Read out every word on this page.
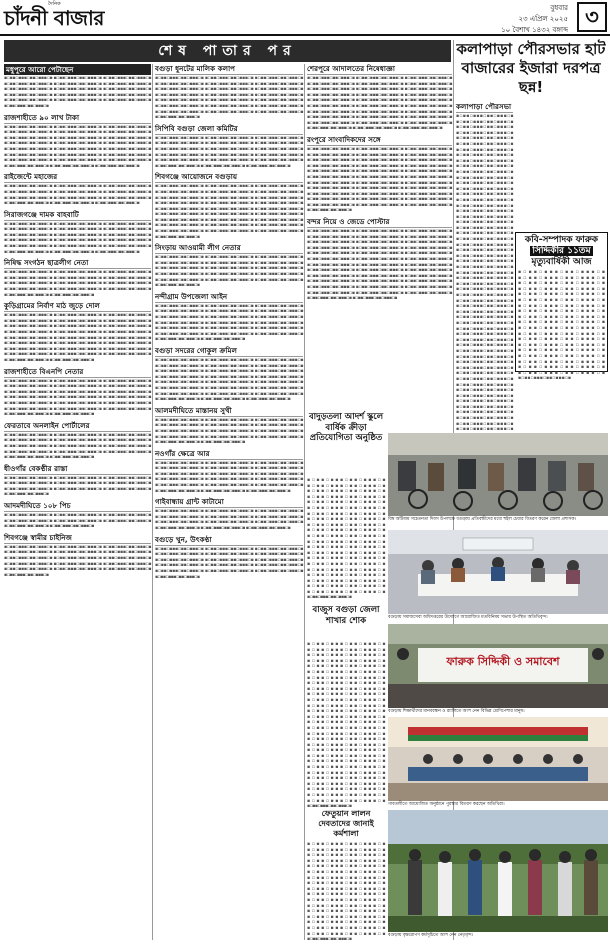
দৈনিক
চাঁদনী বাজার	বুধবার
২৩ এপ্রিল ২০২৫
১০ বৈশাখ ১৪৩২ বঙ্গাব্দ
৩
শেষ পাতার পর	কলাপাড়া পৌরসভার হাট বাজারের ইজারা দরপত্র ছন্ন!
মধুপুরে আরো পেটাছেন

▪▫▪▪▫▪▪▪▫▪▪▫▪▪▪▫▪ ▪▫▪▪▫▪▪▪▫▪▪▫▪▪▪▫▪ ▪▫▪▪▫▪▪▪▫▪▪▫▪▪▪▫▪ ▪▫▪▪▫▪▪▪▫▪▪▫▪▪▪▫▪ ▪▫▪▪▫▪▪▪▫▪▪▫▪▪▪▫▪ ▪▫▪▪▫▪▪▪▫▪▪▫▪▪▪▫▪ ▪▫▪▪▫▪▪▪▫▪▪▫▪▪▪▫▪ ▪▫▪▪▫▪▪▪▫▪▪▫▪▪▪▫▪ ▪▫▪▪▫▪▪▪▫▪▪▫▪▪▪▫▪ ▪▫▪▪▫▪▪▪▫▪▪▫▪▪▪▫▪ ▪▫▪▪▫▪▪▪▫▪▪▫▪▪▪▫▪ ▪▫▪▪▫▪▪▪▫▪▪▫▪▪▪▫▪ ▪▫▪▪▫▪▪▪▫▪▪▫▪▪▪▫▪ ▪▫▪▪▫▪▪▪▫▪▪▫▪▪▪▫▪ ▪▫▪▪▫▪▪▪▫▪▪▫▪▪▪▫▪ ▪▫▪▪▫▪▪▪▫▪▪▫▪▪▪▫▪

রাজশাহীতে ৯০ লাখ টাকা

▪▫▪▪▫▪▪▪▫▪▪▫▪▪▪▫▪ ▪▫▪▪▫▪▪▪▫▪▪▫▪▪▪▫▪ ▪▫▪▪▫▪▪▪▫▪▪▫▪▪▪▫▪ ▪▫▪▪▫▪▪▪▫▪▪▫▪▪▪▫▪ ▪▫▪▪▫▪▪▪▫▪▪▫▪▪▪▫▪ ▪▫▪▪▫▪▪▪▫▪▪▫▪▪▪▫▪ ▪▫▪▪▫▪▪▪▫▪▪▫▪▪▪▫▪ ▪▫▪▪▫▪▪▪▫▪▪▫▪▪▪▫▪ ▪▫▪▪▫▪▪▪▫▪▪▫▪▪▪▫▪ ▪▫▪▪▫▪▪▪▫▪▪▫▪▪▪▫▪ ▪▫▪▪▫▪▪▪▫▪▪▫▪▪▪▫▪ ▪▫▪▪▫▪▪▪▫▪▪▫▪▪▪▫▪ ▪▫▪▪▫▪▪▪▫▪▪▫▪▪▪▫▪ ▪▫▪▪▫▪▪▪▫▪▪▫▪▪▪▫▪ ▪▫▪▪▫▪▪▪▫▪▪▫▪▪▪▫▪ ▪▫▪▪▫▪▪▪▫▪▪▫▪▪▪▫▪ ▪▫▪▪▫▪▪▪▫▪▪▫▪▪▪▫▪ ▪▫▪▪▫▪▪▪▫▪▪▫▪▪▪▫▪ ▪▫▪▪▫▪▪▪▫▪▪▫▪▪▪▫▪ ▪▫▪▪▫▪▪▪▫▪▪▫▪▪▪▫▪ ▪▫▪▪▫▪▪▪▫▪▪▫▪▪▪▫▪ ▪▫▪▪▫▪▪▪▫▪▪▫▪▪▪▫▪ ▪▫▪▪▫▪▪▪▫▪▪▫▪▪▪▫▪ ▪▫▪▪▫▪▪▪▫▪▪▫▪▪▪▫▪

রাইজেন্টে মহাজের

▪▫▪▪▫▪▪▪▫▪▪▫▪▪▪▫▪ ▪▫▪▪▫▪▪▪▫▪▪▫▪▪▪▫▪ ▪▫▪▪▫▪▪▪▫▪▪▫▪▪▪▫▪ ▪▫▪▪▫▪▪▪▫▪▪▫▪▪▪▫▪ ▪▫▪▪▫▪▪▪▫▪▪▫▪▪▪▫▪ ▪▫▪▪▫▪▪▪▫▪▪▫▪▪▪▫▪ ▪▫▪▪▫▪▪▪▫▪▪▫▪▪▪▫▪ ▪▫▪▪▫▪▪▪▫▪▪▫▪▪▪▫▪ ▪▫▪▪▫▪▪▪▫▪▪▫▪▪▪▫▪ ▪▫▪▪▫▪▪▪▫▪▪▫▪▪▪▫▪ ▪▫▪▪▫▪▪▪▫▪▪▫▪▪▪▫▪ ▪▫▪▪▫▪▪▪▫▪▪▫▪▪▪▫▪

সিরাজগঞ্জে দামক বাহবাটি

▪▫▪▪▫▪▪▪▫▪▪▫▪▪▪▫▪ ▪▫▪▪▫▪▪▪▫▪▪▫▪▪▪▫▪ ▪▫▪▪▫▪▪▪▫▪▪▫▪▪▪▫▪ ▪▫▪▪▫▪▪▪▫▪▪▫▪▪▪▫▪ ▪▫▪▪▫▪▪▪▫▪▪▫▪▪▪▫▪ ▪▫▪▪▫▪▪▪▫▪▪▫▪▪▪▫▪ ▪▫▪▪▫▪▪▪▫▪▪▫▪▪▪▫▪ ▪▫▪▪▫▪▪▪▫▪▪▫▪▪▪▫▪ ▪▫▪▪▫▪▪▪▫▪▪▫▪▪▪▫▪ ▪▫▪▪▫▪▪▪▫▪▪▫▪▪▪▫▪ ▪▫▪▪▫▪▪▪▫▪▪▫▪▪▪▫▪ ▪▫▪▪▫▪▪▪▫▪▪▫▪▪▪▫▪ ▪▫▪▪▫▪▪▪▫▪▪▫▪▪▪▫▪ ▪▫▪▪▫▪▪▪▫▪▪▫▪▪▪▫▪ ▪▫▪▪▫▪▪▪▫▪▪▫▪▪▪▫▪ ▪▫▪▪▫▪▪▪▫▪▪▫▪▪▪▫▪ ▪▫▪▪▫▪▪▪▫▪▪▫▪▪▪▫▪ ▪▫▪▪▫▪▪▪▫▪▪▫▪▪▪▫▪

নিষিদ্ধ সংগঠন ছাত্রলীগ নেতা

▪▫▪▪▫▪▪▪▫▪▪▫▪▪▪▫▪ ▪▫▪▪▫▪▪▪▫▪▪▫▪▪▪▫▪ ▪▫▪▪▫▪▪▪▫▪▪▫▪▪▪▫▪ ▪▫▪▪▫▪▪▪▫▪▪▫▪▪▪▫▪ ▪▫▪▪▫▪▪▪▫▪▪▫▪▪▪▫▪ ▪▫▪▪▫▪▪▪▫▪▪▫▪▪▪▫▪ ▪▫▪▪▫▪▪▪▫▪▪▫▪▪▪▫▪ ▪▫▪▪▫▪▪▪▫▪▪▫▪▪▪▫▪ ▪▫▪▪▫▪▪▪▫▪▪▫▪▪▪▫▪ ▪▫▪▪▫▪▪▪▫▪▪▫▪▪▪▫▪ ▪▫▪▪▫▪▪▪▫▪▪▫▪▪▪▫▪ ▪▫▪▪▫▪▪▪▫▪▪▫▪▪▪▫▪ ▪▫▪▪▫▪▪▪▫▪▪▫▪▪▪▫▪ ▪▫▪▪▫▪▪▪▫▪▪▫▪▪▪▫▪

কুড়িগ্রামের নির্বাণ মাঠ জুড়ে দোল

▪▫▪▪▫▪▪▪▫▪▪▫▪▪▪▫▪ ▪▫▪▪▫▪▪▪▫▪▪▫▪▪▪▫▪ ▪▫▪▪▫▪▪▪▫▪▪▫▪▪▪▫▪ ▪▫▪▪▫▪▪▪▫▪▪▫▪▪▪▫▪ ▪▫▪▪▫▪▪▪▫▪▪▫▪▪▪▫▪ ▪▫▪▪▫▪▪▪▫▪▪▫▪▪▪▫▪ ▪▫▪▪▫▪▪▪▫▪▪▫▪▪▪▫▪ ▪▫▪▪▫▪▪▪▫▪▪▫▪▪▪▫▪ ▪▫▪▪▫▪▪▪▫▪▪▫▪▪▪▫▪ ▪▫▪▪▫▪▪▪▫▪▪▫▪▪▪▫▪ ▪▫▪▪▫▪▪▪▫▪▪▫▪▪▪▫▪ ▪▫▪▪▫▪▪▪▫▪▪▫▪▪▪▫▪ ▪▫▪▪▫▪▪▪▫▪▪▫▪▪▪▫▪ ▪▫▪▪▫▪▪▪▫▪▪▫▪▪▪▫▪ ▪▫▪▪▫▪▪▪▫▪▪▫▪▪▪▫▪ ▪▫▪▪▫▪▪▪▫▪▪▫▪▪▪▫▪ ▪▫▪▪▫▪▪▪▫▪▪▫▪▪▪▫▪ ▪▫▪▪▫▪▪▪▫▪▪▫▪▪▪▫▪ ▪▫▪▪▫▪▪▪▫▪▪▫▪▪▪▫▪ ▪▫▪▪▫▪▪▪▫▪▪▫▪▪▪▫▪ ▪▫▪▪▫▪▪▪▫▪▪▫▪▪▪▫▪ ▪▫▪▪▫▪▪▪▫▪▪▫▪▪▪▫▪ ▪▫▪▪▫▪▪▪▫▪▪▫▪▪▪▫▪ ▪▫▪▪▫▪▪▪▫▪▪▫▪▪▪▫▪ ▪▫▪▪▫▪▪▪▫▪▪▫▪▪▪▫▪ ▪▫▪▪▫▪▪▪▫▪▪▫▪▪▪▫▪

রাজশাহীতে বিএনপি নেতার

▪▫▪▪▫▪▪▪▫▪▪▫▪▪▪▫▪ ▪▫▪▪▫▪▪▪▫▪▪▫▪▪▪▫▪ ▪▫▪▪▫▪▪▪▫▪▪▫▪▪▪▫▪ ▪▫▪▪▫▪▪▪▫▪▪▫▪▪▪▫▪ ▪▫▪▪▫▪▪▪▫▪▪▫▪▪▪▫▪ ▪▫▪▪▫▪▪▪▫▪▪▫▪▪▪▫▪ ▪▫▪▪▫▪▪▪▫▪▪▫▪▪▪▫▪ ▪▫▪▪▫▪▪▪▫▪▪▫▪▪▪▫▪ ▪▫▪▪▫▪▪▪▫▪▪▫▪▪▪▫▪ ▪▫▪▪▫▪▪▪▫▪▪▫▪▪▪▫▪ ▪▫▪▪▫▪▪▪▫▪▪▫▪▪▪▫▪ ▪▫▪▪▫▪▪▪▫▪▪▫▪▪▪▫▪ ▪▫▪▪▫▪▪▪▫▪▪▫▪▪▪▫▪ ▪▫▪▪▫▪▪▪▫▪▪▫▪▪▪▫▪ ▪▫▪▪▫▪▪▪▫▪▪▫▪▪▪▫▪ ▪▫▪▪▫▪▪▪▫▪▪▫▪▪▪▫▪ ▪▫▪▪▫▪▪▪▫▪▪▫▪▪▪▫▪ ▪▫▪▪▫▪▪▪▫▪▪▫▪▪▪▫▪ ▪▫▪▪▫▪▪▪▫▪▪▫▪▪▪▫▪ ▪▫▪▪▫▪▪▪▫▪▪▫▪▪▪▫▪

ফেরতাবে অনলাইন পোর্টালের

▪▫▪▪▫▪▪▪▫▪▪▫▪▪▪▫▪ ▪▫▪▪▫▪▪▪▫▪▪▫▪▪▪▫▪ ▪▫▪▪▫▪▪▪▫▪▪▫▪▪▪▫▪ ▪▫▪▪▫▪▪▪▫▪▪▫▪▪▪▫▪ ▪▫▪▪▫▪▪▪▫▪▪▫▪▪▪▫▪ ▪▫▪▪▫▪▪▪▫▪▪▫▪▪▪▫▪ ▪▫▪▪▫▪▪▪▫▪▪▫▪▪▪▫▪ ▪▫▪▪▫▪▪▪▫▪▪▫▪▪▪▫▪ ▪▫▪▪▫▪▪▪▫▪▪▫▪▪▪▫▪ ▪▫▪▪▫▪▪▪▫▪▪▫▪▪▪▫▪ ▪▫▪▪▫▪▪▪▫▪▪▫▪▪▪▫▪ ▪▫▪▪▫▪▪▪▫▪▪▫▪▪▪▫▪ ▪▫▪▪▫▪▪▪▫▪▪▫▪▪▪▫▪ ▪▫▪▪▫▪▪▪▫▪▪▫▪▪▪▫▪

ধীওগাঁর বেকণ্ঠীর রাস্তা

▪▫▪▪▫▪▪▪▫▪▪▫▪▪▪▫▪ ▪▫▪▪▫▪▪▪▫▪▪▫▪▪▪▫▪ ▪▫▪▪▫▪▪▪▫▪▪▫▪▪▪▫▪ ▪▫▪▪▫▪▪▪▫▪▪▫▪▪▪▫▪ ▪▫▪▪▫▪▪▪▫▪▪▫▪▪▪▫▪ ▪▫▪▪▫▪▪▪▫▪▪▫▪▪▪▫▪ ▪▫▪▪▫▪▪▪▫▪▪▫▪▪▪▫▪ ▪▫▪▪▫▪▪▪▫▪▪▫▪▪▪▫▪ ▪▫▪▪▫▪▪▪▫▪▪▫▪▪▪▫▪ ▪▫▪▪▫▪▪▪▫▪▪▫▪▪▪▫▪

আদমদীঘিতে ১০৮ পিচ

▪▫▪▪▫▪▪▪▫▪▪▫▪▪▪▫▪ ▪▫▪▪▫▪▪▪▫▪▪▫▪▪▪▫▪ ▪▫▪▪▫▪▪▪▫▪▪▫▪▪▪▫▪ ▪▫▪▪▫▪▪▪▫▪▪▫▪▪▪▫▪ ▪▫▪▪▫▪▪▪▫▪▪▫▪▪▪▫▪ ▪▫▪▪▫▪▪▪▫▪▪▫▪▪▪▫▪ ▪▫▪▪▫▪▪▪▫▪▪▫▪▪▪▫▪ ▪▫▪▪▫▪▪▪▫▪▪▫▪▪▪▫▪

শিবগঞ্জে স্বামীর চাইনিজ

▪▫▪▪▫▪▪▪▫▪▪▫▪▪▪▫▪ ▪▫▪▪▫▪▪▪▫▪▪▫▪▪▪▫▪ ▪▫▪▪▫▪▪▪▫▪▪▫▪▪▪▫▪ ▪▫▪▪▫▪▪▪▫▪▪▫▪▪▪▫▪ ▪▫▪▪▫▪▪▪▫▪▪▫▪▪▪▫▪ ▪▫▪▪▫▪▪▪▫▪▪▫▪▪▪▫▪ ▪▫▪▪▫▪▪▪▫▪▪▫▪▪▪▫▪ ▪▫▪▪▫▪▪▪▫▪▪▫▪▪▪▫▪ ▪▫▪▪▫▪▪▪▫▪▪▫▪▪▪▫▪ ▪▫▪▪▫▪▪▪▫▪▪▫▪▪▪▫▪ ▪▫▪▪▫▪▪▪▫▪▪▫▪▪▪▫▪ ▪▫▪▪▫▪▪▪▫▪▪▫▪▪▪▫▪ ▪▫▪▪▫▪▪▪▫▪▪▫▪▪▪▫▪ ▪▫▪▪▫▪▪▪▫▪▪▫▪▪▪▫▪ ▪▫▪▪▫▪▪▪▫▪▪▫▪▪▪▫▪ ▪▫▪▪▫▪▪▪▫▪▪▫▪▪▪▫▪

বগুড়া ধুনটের মালিক কলাপ

▪▫▪▪▫▪▪▪▫▪▪▫▪▪▪▫▪ ▪▫▪▪▫▪▪▪▫▪▪▫▪▪▪▫▪ ▪▫▪▪▫▪▪▪▫▪▪▫▪▪▪▫▪ ▪▫▪▪▫▪▪▪▫▪▪▫▪▪▪▫▪ ▪▫▪▪▫▪▪▪▫▪▪▫▪▪▪▫▪ ▪▫▪▪▫▪▪▪▫▪▪▫▪▪▪▫▪ ▪▫▪▪▫▪▪▪▫▪▪▫▪▪▪▫▪ ▪▫▪▪▫▪▪▪▫▪▪▫▪▪▪▫▪ ▪▫▪▪▫▪▪▪▫▪▪▫▪▪▪▫▪ ▪▫▪▪▫▪▪▪▫▪▪▫▪▪▪▫▪ ▪▫▪▪▫▪▪▪▫▪▪▫▪▪▪▫▪ ▪▫▪▪▫▪▪▪▫▪▪▫▪▪▪▫▪ ▪▫▪▪▫▪▪▪▫▪▪▫▪▪▪▫▪ ▪▫▪▪▫▪▪▪▫▪▪▫▪▪▪▫▪ ▪▫▪▪▫▪▪▪▫▪▪▫▪▪▪▫▪ ▪▫▪▪▫▪▪▪▫▪▪▫▪▪▪▫▪ ▪▫▪▪▫▪▪▪▫▪▪▫▪▪▪▫▪ ▪▫▪▪▫▪▪▪▫▪▪▫▪▪▪▫▪ ▪▫▪▪▫▪▪▪▫▪▪▫▪▪▪▫▪ ▪▫▪▪▫▪▪▪▫▪▪▫▪▪▪▫▪ ▪▫▪▪▫▪▪▪▫▪▪▫▪▪▪▫▪ ▪▫▪▪▫▪▪▪▫▪▪▫▪▪▪▫▪

সিপিবি বগুড়া জেলা কমিটির

▪▫▪▪▫▪▪▪▫▪▪▫▪▪▪▫▪ ▪▫▪▪▫▪▪▪▫▪▪▫▪▪▪▫▪ ▪▫▪▪▫▪▪▪▫▪▪▫▪▪▪▫▪ ▪▫▪▪▫▪▪▪▫▪▪▫▪▪▪▫▪ ▪▫▪▪▫▪▪▪▫▪▪▫▪▪▪▫▪ ▪▫▪▪▫▪▪▪▫▪▪▫▪▪▪▫▪ ▪▫▪▪▫▪▪▪▫▪▪▫▪▪▪▫▪ ▪▫▪▪▫▪▪▪▫▪▪▫▪▪▪▫▪ ▪▫▪▪▫▪▪▪▫▪▪▫▪▪▪▫▪ ▪▫▪▪▫▪▪▪▫▪▪▫▪▪▪▫▪ ▪▫▪▪▫▪▪▪▫▪▪▫▪▪▪▫▪ ▪▫▪▪▫▪▪▪▫▪▪▫▪▪▪▫▪ ▪▫▪▪▫▪▪▪▫▪▪▫▪▪▪▫▪ ▪▫▪▪▫▪▪▪▫▪▪▫▪▪▪▫▪ ▪▫▪▪▫▪▪▪▫▪▪▫▪▪▪▫▪ ▪▫▪▪▫▪▪▪▫▪▪▫▪▪▪▫▪ ▪▫▪▪▫▪▪▪▫▪▪▫▪▪▪▫▪ ▪▫▪▪▫▪▪▪▫▪▪▫▪▪▪▫▪

শিবগঞ্জে আয়োজনে বগুড়ায়

▪▫▪▪▫▪▪▪▫▪▪▫▪▪▪▫▪ ▪▫▪▪▫▪▪▪▫▪▪▫▪▪▪▫▪ ▪▫▪▪▫▪▪▪▫▪▪▫▪▪▪▫▪ ▪▫▪▪▫▪▪▪▫▪▪▫▪▪▪▫▪ ▪▫▪▪▫▪▪▪▫▪▪▫▪▪▪▫▪ ▪▫▪▪▫▪▪▪▫▪▪▫▪▪▪▫▪ ▪▫▪▪▫▪▪▪▫▪▪▫▪▪▪▫▪ ▪▫▪▪▫▪▪▪▫▪▪▫▪▪▪▫▪ ▪▫▪▪▫▪▪▪▫▪▪▫▪▪▪▫▪ ▪▫▪▪▫▪▪▪▫▪▪▫▪▪▪▫▪ ▪▫▪▪▫▪▪▪▫▪▪▫▪▪▪▫▪ ▪▫▪▪▫▪▪▪▫▪▪▫▪▪▪▫▪ ▪▫▪▪▫▪▪▪▫▪▪▫▪▪▪▫▪ ▪▫▪▪▫▪▪▪▫▪▪▫▪▪▪▫▪ ▪▫▪▪▫▪▪▪▫▪▪▫▪▪▪▫▪ ▪▫▪▪▫▪▪▪▫▪▪▫▪▪▪▫▪ ▪▫▪▪▫▪▪▪▫▪▪▫▪▪▪▫▪ ▪▫▪▪▫▪▪▪▫▪▪▫▪▪▪▫▪ ▪▫▪▪▫▪▪▪▫▪▪▫▪▪▪▫▪ ▪▫▪▪▫▪▪▪▫▪▪▫▪▪▪▫▪ ▪▫▪▪▫▪▪▪▫▪▪▫▪▪▪▫▪ ▪▫▪▪▫▪▪▪▫▪▪▫▪▪▪▫▪ ▪▫▪▪▫▪▪▪▫▪▪▫▪▪▪▫▪ ▪▫▪▪▫▪▪▪▫▪▪▫▪▪▪▫▪ ▪▫▪▪▫▪▪▪▫▪▪▫▪▪▪▫▪ ▪▫▪▪▫▪▪▪▫▪▪▫▪▪▪▫▪ ▪▫▪▪▫▪▪▪▫▪▪▫▪▪▪▫▪ ▪▫▪▪▫▪▪▪▫▪▪▫▪▪▪▫▪

সিংড়ায় আওয়ামী লীগ নেতার

▪▫▪▪▫▪▪▪▫▪▪▫▪▪▪▫▪ ▪▫▪▪▫▪▪▪▫▪▪▫▪▪▪▫▪ ▪▫▪▪▫▪▪▪▫▪▪▫▪▪▪▫▪ ▪▫▪▪▫▪▪▪▫▪▪▫▪▪▪▫▪ ▪▫▪▪▫▪▪▪▫▪▪▫▪▪▪▫▪ ▪▫▪▪▫▪▪▪▫▪▪▫▪▪▪▫▪ ▪▫▪▪▫▪▪▪▫▪▪▫▪▪▪▫▪ ▪▫▪▪▫▪▪▪▫▪▪▫▪▪▪▫▪ ▪▫▪▪▫▪▪▪▫▪▪▫▪▪▪▫▪ ▪▫▪▪▫▪▪▪▫▪▪▫▪▪▪▫▪ ▪▫▪▪▫▪▪▪▫▪▪▫▪▪▪▫▪ ▪▫▪▪▫▪▪▪▫▪▪▫▪▪▪▫▪ ▪▫▪▪▫▪▪▪▫▪▪▫▪▪▪▫▪ ▪▫▪▪▫▪▪▪▫▪▪▫▪▪▪▫▪ ▪▫▪▪▫▪▪▪▫▪▪▫▪▪▪▫▪ ▪▫▪▪▫▪▪▪▫▪▪▫▪▪▪▫▪

নন্দীগ্রাম উপজেলা আইন

▪▫▪▪▫▪▪▪▫▪▪▫▪▪▪▫▪ ▪▫▪▪▫▪▪▪▫▪▪▫▪▪▪▫▪ ▪▫▪▪▫▪▪▪▫▪▪▫▪▪▪▫▪ ▪▫▪▪▫▪▪▪▫▪▪▫▪▪▪▫▪ ▪▫▪▪▫▪▪▪▫▪▪▫▪▪▪▫▪ ▪▫▪▪▫▪▪▪▫▪▪▫▪▪▪▫▪ ▪▫▪▪▫▪▪▪▫▪▪▫▪▪▪▫▪ ▪▫▪▪▫▪▪▪▫▪▪▫▪▪▪▫▪ ▪▫▪▪▫▪▪▪▫▪▪▫▪▪▪▫▪ ▪▫▪▪▫▪▪▪▫▪▪▫▪▪▪▫▪ ▪▫▪▪▫▪▪▪▫▪▪▫▪▪▪▫▪ ▪▫▪▪▫▪▪▪▫▪▪▫▪▪▪▫▪ ▪▫▪▪▫▪▪▪▫▪▪▫▪▪▪▫▪ ▪▫▪▪▫▪▪▪▫▪▪▫▪▪▪▫▪ ▪▫▪▪▫▪▪▪▫▪▪▫▪▪▪▫▪ ▪▫▪▪▫▪▪▪▫▪▪▫▪▪▪▫▪ ▪▫▪▪▫▪▪▪▫▪▪▫▪▪▪▫▪ ▪▫▪▪▫▪▪▪▫▪▪▫▪▪▪▫▪ ▪▫▪▪▫▪▪▪▫▪▪▫▪▪▪▫▪ ▪▫▪▪▫▪▪▪▫▪▪▫▪▪▪▫▪

বগুড়া সদরের গোকুল ক্রমিল

▪▫▪▪▫▪▪▪▫▪▪▫▪▪▪▫▪ ▪▫▪▪▫▪▪▪▫▪▪▫▪▪▪▫▪ ▪▫▪▪▫▪▪▪▫▪▪▫▪▪▪▫▪ ▪▫▪▪▫▪▪▪▫▪▪▫▪▪▪▫▪ ▪▫▪▪▫▪▪▪▫▪▪▫▪▪▪▫▪ ▪▫▪▪▫▪▪▪▫▪▪▫▪▪▪▫▪ ▪▫▪▪▫▪▪▪▫▪▪▫▪▪▪▫▪ ▪▫▪▪▫▪▪▪▫▪▪▫▪▪▪▫▪ ▪▫▪▪▫▪▪▪▫▪▪▫▪▪▪▫▪ ▪▫▪▪▫▪▪▪▫▪▪▫▪▪▪▫▪ ▪▫▪▪▫▪▪▪▫▪▪▫▪▪▪▫▪ ▪▫▪▪▫▪▪▪▫▪▪▫▪▪▪▫▪ ▪▫▪▪▫▪▪▪▫▪▪▫▪▪▪▫▪ ▪▫▪▪▫▪▪▪▫▪▪▫▪▪▪▫▪ ▪▫▪▪▫▪▪▪▫▪▪▫▪▪▪▫▪ ▪▫▪▪▫▪▪▪▫▪▪▫▪▪▪▫▪ ▪▫▪▪▫▪▪▪▫▪▪▫▪▪▪▫▪ ▪▫▪▪▫▪▪▪▫▪▪▫▪▪▪▫▪ ▪▫▪▪▫▪▪▪▫▪▪▫▪▪▪▫▪ ▪▫▪▪▫▪▪▪▫▪▪▫▪▪▪▫▪ ▪▫▪▪▫▪▪▪▫▪▪▫▪▪▪▫▪ ▪▫▪▪▫▪▪▪▫▪▪▫▪▪▪▫▪ ▪▫▪▪▫▪▪▪▫▪▪▫▪▪▪▫▪ ▪▫▪▪▫▪▪▪▫▪▪▫▪▪▪▫▪

আলমদীঘিতে মাস্তানয় সুখী

▪▫▪▪▫▪▪▪▫▪▪▫▪▪▪▫▪ ▪▫▪▪▫▪▪▪▫▪▪▫▪▪▪▫▪ ▪▫▪▪▫▪▪▪▫▪▪▫▪▪▪▫▪ ▪▫▪▪▫▪▪▪▫▪▪▫▪▪▪▫▪ ▪▫▪▪▫▪▪▪▫▪▪▫▪▪▪▫▪ ▪▫▪▪▫▪▪▪▫▪▪▫▪▪▪▫▪ ▪▫▪▪▫▪▪▪▫▪▪▫▪▪▪▫▪ ▪▫▪▪▫▪▪▪▫▪▪▫▪▪▪▫▪ ▪▫▪▪▫▪▪▪▫▪▪▫▪▪▪▫▪ ▪▫▪▪▫▪▪▪▫▪▪▫▪▪▪▫▪ ▪▫▪▪▫▪▪▪▫▪▪▫▪▪▪▫▪ ▪▫▪▪▫▪▪▪▫▪▪▫▪▪▪▫▪ ▪▫▪▪▫▪▪▪▫▪▪▫▪▪▪▫▪ ▪▫▪▪▫▪▪▪▫▪▪▫▪▪▪▫▪

নওগাঁর ক্ষেত্রে আর

▪▫▪▪▫▪▪▪▫▪▪▫▪▪▪▫▪ ▪▫▪▪▫▪▪▪▫▪▪▫▪▪▪▫▪ ▪▫▪▪▫▪▪▪▫▪▪▫▪▪▪▫▪ ▪▫▪▪▫▪▪▪▫▪▪▫▪▪▪▫▪ ▪▫▪▪▫▪▪▪▫▪▪▫▪▪▪▫▪ ▪▫▪▪▫▪▪▪▫▪▪▫▪▪▪▫▪ ▪▫▪▪▫▪▪▪▫▪▪▫▪▪▪▫▪ ▪▫▪▪▫▪▪▪▫▪▪▫▪▪▪▫▪ ▪▫▪▪▫▪▪▪▫▪▪▫▪▪▪▫▪ ▪▫▪▪▫▪▪▪▫▪▪▫▪▪▪▫▪ ▪▫▪▪▫▪▪▪▫▪▪▫▪▪▪▫▪ ▪▫▪▪▫▪▪▪▫▪▪▫▪▪▪▫▪ ▪▫▪▪▫▪▪▪▫▪▪▫▪▪▪▫▪ ▪▫▪▪▫▪▪▪▫▪▪▫▪▪▪▫▪ ▪▫▪▪▫▪▪▪▫▪▪▫▪▪▪▫▪ ▪▫▪▪▫▪▪▪▫▪▪▫▪▪▪▫▪ ▪▫▪▪▫▪▪▪▫▪▪▫▪▪▪▫▪ ▪▫▪▪▫▪▪▪▫▪▪▫▪▪▪▫▪

গাইবান্ধায় গ্রান্ট কাটামো

▪▫▪▪▫▪▪▪▫▪▪▫▪▪▪▫▪ ▪▫▪▪▫▪▪▪▫▪▪▫▪▪▪▫▪ ▪▫▪▪▫▪▪▪▫▪▪▫▪▪▪▫▪ ▪▫▪▪▫▪▪▪▫▪▪▫▪▪▪▫▪ ▪▫▪▪▫▪▪▪▫▪▪▫▪▪▪▫▪ ▪▫▪▪▫▪▪▪▫▪▪▫▪▪▪▫▪ ▪▫▪▪▫▪▪▪▫▪▪▫▪▪▪▫▪ ▪▫▪▪▫▪▪▪▫▪▪▫▪▪▪▫▪ ▪▫▪▪▫▪▪▪▫▪▪▫▪▪▪▫▪ ▪▫▪▪▫▪▪▪▫▪▪▫▪▪▪▫▪ ▪▫▪▪▫▪▪▪▫▪▪▫▪▪▪▫▪ ▪▫▪▪▫▪▪▪▫▪▪▫▪▪▪▫▪

বগুড়ে খুন, উৎকণ্ঠা

▪▫▪▪▫▪▪▪▫▪▪▫▪▪▪▫▪ ▪▫▪▪▫▪▪▪▫▪▪▫▪▪▪▫▪ ▪▫▪▪▫▪▪▪▫▪▪▫▪▪▪▫▪ ▪▫▪▪▫▪▪▪▫▪▪▫▪▪▪▫▪ ▪▫▪▪▫▪▪▪▫▪▪▫▪▪▪▫▪ ▪▫▪▪▫▪▪▪▫▪▪▫▪▪▪▫▪ ▪▫▪▪▫▪▪▪▫▪▪▫▪▪▪▫▪ ▪▫▪▪▫▪▪▪▫▪▪▫▪▪▪▫▪ ▪▫▪▪▫▪▪▪▫▪▪▫▪▪▪▫▪ ▪▫▪▪▫▪▪▪▫▪▪▫▪▪▪▫▪ ▪▫▪▪▫▪▪▪▫▪▪▫▪▪▪▫▪ ▪▫▪▪▫▪▪▪▫▪▪▫▪▪▪▫▪ ▪▫▪▪▫▪▪▪▫▪▪▫▪▪▪▫▪ ▪▫▪▪▫▪▪▪▫▪▪▫▪▪▪▫▪ ▪▫▪▪▫▪▪▪▫▪▪▫▪▪▪▫▪ ▪▫▪▪▫▪▪▪▫▪▪▫▪▪▪▫▪

শেরপুরে আদালতের নিষেধাজ্ঞা

▪▫▪▪▫▪▪▪▫▪▪▫▪▪▪▫▪ ▪▫▪▪▫▪▪▪▫▪▪▫▪▪▪▫▪ ▪▫▪▪▫▪▪▪▫▪▪▫▪▪▪▫▪ ▪▫▪▪▫▪▪▪▫▪▪▫▪▪▪▫▪ ▪▫▪▪▫▪▪▪▫▪▪▫▪▪▪▫▪ ▪▫▪▪▫▪▪▪▫▪▪▫▪▪▪▫▪ ▪▫▪▪▫▪▪▪▫▪▪▫▪▪▪▫▪ ▪▫▪▪▫▪▪▪▫▪▪▫▪▪▪▫▪ ▪▫▪▪▫▪▪▪▫▪▪▫▪▪▪▫▪ ▪▫▪▪▫▪▪▪▫▪▪▫▪▪▪▫▪ ▪▫▪▪▫▪▪▪▫▪▪▫▪▪▪▫▪ ▪▫▪▪▫▪▪▪▫▪▪▫▪▪▪▫▪ ▪▫▪▪▫▪▪▪▫▪▪▫▪▪▪▫▪ ▪▫▪▪▫▪▪▪▫▪▪▫▪▪▪▫▪ ▪▫▪▪▫▪▪▪▫▪▪▫▪▪▪▫▪ ▪▫▪▪▫▪▪▪▫▪▪▫▪▪▪▫▪ ▪▫▪▪▫▪▪▪▫▪▪▫▪▪▪▫▪ ▪▫▪▪▫▪▪▪▫▪▪▫▪▪▪▫▪ ▪▫▪▪▫▪▪▪▫▪▪▫▪▪▪▫▪ ▪▫▪▪▫▪▪▪▫▪▪▫▪▪▪▫▪ ▪▫▪▪▫▪▪▪▫▪▪▫▪▪▪▫▪ ▪▫▪▪▫▪▪▪▫▪▪▫▪▪▪▫▪ ▪▫▪▪▫▪▪▪▫▪▪▫▪▪▪▫▪ ▪▫▪▪▫▪▪▪▫▪▪▫▪▪▪▫▪ ▪▫▪▪▫▪▪▪▫▪▪▫▪▪▪▫▪ ▪▫▪▪▫▪▪▪▫▪▪▫▪▪▪▫▪ ▪▫▪▪▫▪▪▪▫▪▪▫▪▪▪▫▪ ▪▫▪▪▫▪▪▪▫▪▪▫▪▪▪▫▪ ▪▫▪▪▫▪▪▪▫▪▪▫▪▪▪▫▪ ▪▫▪▪▫▪▪▪▫▪▪▫▪▪▪▫▪

রংপুরে সাংবাদিকদের সঙ্গে

▪▫▪▪▫▪▪▪▫▪▪▫▪▪▪▫▪ ▪▫▪▪▫▪▪▪▫▪▪▫▪▪▪▫▪ ▪▫▪▪▫▪▪▪▫▪▪▫▪▪▪▫▪ ▪▫▪▪▫▪▪▪▫▪▪▫▪▪▪▫▪ ▪▫▪▪▫▪▪▪▫▪▪▫▪▪▪▫▪ ▪▫▪▪▫▪▪▪▫▪▪▫▪▪▪▫▪ ▪▫▪▪▫▪▪▪▫▪▪▫▪▪▪▫▪ ▪▫▪▪▫▪▪▪▫▪▪▫▪▪▪▫▪ ▪▫▪▪▫▪▪▪▫▪▪▫▪▪▪▫▪ ▪▫▪▪▫▪▪▪▫▪▪▫▪▪▪▫▪ ▪▫▪▪▫▪▪▪▫▪▪▫▪▪▪▫▪ ▪▫▪▪▫▪▪▪▫▪▪▫▪▪▪▫▪ ▪▫▪▪▫▪▪▪▫▪▪▫▪▪▪▫▪ ▪▫▪▪▫▪▪▪▫▪▪▫▪▪▪▫▪ ▪▫▪▪▫▪▪▪▫▪▪▫▪▪▪▫▪ ▪▫▪▪▫▪▪▪▫▪▪▫▪▪▪▫▪ ▪▫▪▪▫▪▪▪▫▪▪▫▪▪▪▫▪ ▪▫▪▪▫▪▪▪▫▪▪▫▪▪▪▫▪ ▪▫▪▪▫▪▪▪▫▪▪▫▪▪▪▫▪ ▪▫▪▪▫▪▪▪▫▪▪▫▪▪▪▫▪ ▪▫▪▪▫▪▪▪▫▪▪▫▪▪▪▫▪ ▪▫▪▪▫▪▪▪▫▪▪▫▪▪▪▫▪ ▪▫▪▪▫▪▪▪▫▪▪▫▪▪▪▫▪ ▪▫▪▪▫▪▪▪▫▪▪▫▪▪▪▫▪ ▪▫▪▪▫▪▪▪▫▪▪▫▪▪▪▫▪ ▪▫▪▪▫▪▪▪▫▪▪▫▪▪▪▫▪ ▪▫▪▪▫▪▪▪▫▪▪▫▪▪▪▫▪ ▪▫▪▪▫▪▪▪▫▪▪▫▪▪▪▫▪ ▪▫▪▪▫▪▪▪▫▪▪▫▪▪▪▫▪ ▪▫▪▪▫▪▪▪▫▪▪▫▪▪▪▫▪ ▪▫▪▪▫▪▪▪▫▪▪▫▪▪▪▫▪ ▪▫▪▪▫▪▪▪▫▪▪▫▪▪▪▫▪ ▪▫▪▪▫▪▪▪▫▪▪▫▪▪▪▫▪ ▪▫▪▪▫▪▪▪▫▪▪▫▪▪▪▫▪

বন্দর নিয়ে ও জেডে পোস্টার

▪▫▪▪▫▪▪▪▫▪▪▫▪▪▪▫▪ ▪▫▪▪▫▪▪▪▫▪▪▫▪▪▪▫▪ ▪▫▪▪▫▪▪▪▫▪▪▫▪▪▪▫▪ ▪▫▪▪▫▪▪▪▫▪▪▫▪▪▪▫▪ ▪▫▪▪▫▪▪▪▫▪▪▫▪▪▪▫▪ ▪▫▪▪▫▪▪▪▫▪▪▫▪▪▪▫▪ ▪▫▪▪▫▪▪▪▫▪▪▫▪▪▪▫▪ ▪▫▪▪▫▪▪▪▫▪▪▫▪▪▪▫▪ ▪▫▪▪▫▪▪▪▫▪▪▫▪▪▪▫▪ ▪▫▪▪▫▪▪▪▫▪▪▫▪▪▪▫▪ ▪▫▪▪▫▪▪▪▫▪▪▫▪▪▪▫▪ ▪▫▪▪▫▪▪▪▫▪▪▫▪▪▪▫▪ ▪▫▪▪▫▪▪▪▫▪▪▫▪▪▪▫▪ ▪▫▪▪▫▪▪▪▫▪▪▫▪▪▪▫▪ ▪▫▪▪▫▪▪▪▫▪▪▫▪▪▪▫▪ ▪▫▪▪▫▪▪▪▫▪▪▫▪▪▪▫▪ ▪▫▪▪▫▪▪▪▫▪▪▫▪▪▪▫▪ ▪▫▪▪▫▪▪▪▫▪▪▫▪▪▪▫▪ ▪▫▪▪▫▪▪▪▫▪▪▫▪▪▪▫▪ ▪▫▪▪▫▪▪▪▫▪▪▫▪▪▪▫▪ ▪▫▪▪▫▪▪▪▫▪▪▫▪▪▪▫▪ ▪▫▪▪▫▪▪▪▫▪▪▫▪▪▪▫▪ ▪▫▪▪▫▪▪▪▫▪▪▫▪▪▪▫▪ ▪▫▪▪▫▪▪▪▫▪▪▫▪▪▪▫▪ ▪▫▪▪▫▪▪▪▫▪▪▫▪▪▪▫▪ ▪▫▪▪▫▪▪▪▫▪▪▫▪▪▪▫▪ ▪▫▪▪▫▪▪▪▫▪▪▫▪▪▪▫▪ ▪▫▪▪▫▪▪▪▫▪▪▫▪▪▪▫▪ ▪▫▪▪▫▪▪▪▫▪▪▫▪▪▪▫▪ ▪▫▪▪▫▪▪▪▫▪▪▫▪▪▪▫▪ ▪▫▪▪▫▪▪▪▫▪▪▫▪▪▪▫▪ ▪▫▪▪▫▪▪▪▫▪▪▫▪▪▪▫▪ ▪▫▪▪▫▪▪▪▫▪▪▫▪▪▪▫▪ ▪▫▪▪▫▪▪▪▫▪▪▫▪▪▪▫▪ ▪▫▪▪▫▪▪▪▫▪▪▫▪▪▪▫▪ ▪▫▪▪▫▪▪▪▫▪▪▫▪▪▪▫▪ ▪▫▪▪▫▪▪▪▫▪▪▫▪▪▪▫▪ ▪▫▪▪▫▪▪▪▫▪▪▫▪▪▪▫▪

কলাপাড়া পৌরসভা

▪▫▪▪▫▪▪▪▫▪▪▫▪▪▪▫▪ ▪▫▪▪▫▪▪▪▫▪▪▫▪▪▪▫▪ ▪▫▪▪▫▪▪▪▫▪▪▫▪▪▪▫▪ ▪▫▪▪▫▪▪▪▫▪▪▫▪▪▪▫▪ ▪▫▪▪▫▪▪▪▫▪▪▫▪▪▪▫▪ ▪▫▪▪▫▪▪▪▫▪▪▫▪▪▪▫▪ ▪▫▪▪▫▪▪▪▫▪▪▫▪▪▪▫▪ ▪▫▪▪▫▪▪▪▫▪▪▫▪▪▪▫▪ ▪▫▪▪▫▪▪▪▫▪▪▫▪▪▪▫▪ ▪▫▪▪▫▪▪▪▫▪▪▫▪▪▪▫▪ ▪▫▪▪▫▪▪▪▫▪▪▫▪▪▪▫▪ ▪▫▪▪▫▪▪▪▫▪▪▫▪▪▪▫▪ ▪▫▪▪▫▪▪▪▫▪▪▫▪▪▪▫▪ ▪▫▪▪▫▪▪▪▫▪▪▫▪▪▪▫▪ ▪▫▪▪▫▪▪▪▫▪▪▫▪▪▪▫▪ ▪▫▪▪▫▪▪▪▫▪▪▫▪▪▪▫▪ ▪▫▪▪▫▪▪▪▫▪▪▫▪▪▪▫▪ ▪▫▪▪▫▪▪▪▫▪▪▫▪▪▪▫▪ ▪▫▪▪▫▪▪▪▫▪▪▫▪▪▪▫▪ ▪▫▪▪▫▪▪▪▫▪▪▫▪▪▪▫▪ ▪▫▪▪▫▪▪▪▫▪▪▫▪▪▪▫▪ ▪▫▪▪▫▪▪▪▫▪▪▫▪▪▪▫▪ ▪▫▪▪▫▪▪▪▫▪▪▫▪▪▪▫▪ ▪▫▪▪▫▪▪▪▫▪▪▫▪▪▪▫▪ ▪▫▪▪▫▪▪▪▫▪▪▫▪▪▪▫▪ ▪▫▪▪▫▪▪▪▫▪▪▫▪▪▪▫▪ ▪▫▪▪▫▪▪▪▫▪▪▫▪▪▪▫▪ ▪▫▪▪▫▪▪▪▫▪▪▫▪▪▪▫▪ ▪▫▪▪▫▪▪▪▫▪▪▫▪▪▪▫▪ ▪▫▪▪▫▪▪▪▫▪▪▫▪▪▪▫▪ ▪▫▪▪▫▪▪▪▫▪▪▫▪▪▪▫▪ ▪▫▪▪▫▪▪▪▫▪▪▫▪▪▪▫▪ ▪▫▪▪▫▪▪▪▫▪▪▫▪▪▪▫▪ ▪▫▪▪▫▪▪▪▫▪▪▫▪▪▪▫▪ ▪▫▪▪▫▪▪▪▫▪▪▫▪▪▪▫▪ ▪▫▪▪▫▪▪▪▫▪▪▫▪▪▪▫▪ ▪▫▪▪▫▪▪▪▫▪▪▫▪▪▪▫▪ ▪▫▪▪▫▪▪▪▫▪▪▫▪▪▪▫▪ ▪▫▪▪▫▪▪▪▫▪▪▫▪▪▪▫▪ ▪▫▪▪▫▪▪▪▫▪▪▫▪▪▪▫▪ ▪▫▪▪▫▪▪▪▫▪▪▫▪▪▪▫▪ ▪▫▪▪▫▪▪▪▫▪▪▫▪▪▪▫▪ ▪▫▪▪▫▪▪▪▫▪▪▫▪▪▪▫▪ ▪▫▪▪▫▪▪▪▫▪▪▫▪▪▪▫▪ ▪▫▪▪▫▪▪▪▫▪▪▫▪▪▪▫▪ ▪▫▪▪▫▪▪▪▫▪▪▫▪▪▪▫▪ ▪▫▪▪▫▪▪▪▫▪▪▫▪▪▪▫▪ ▪▫▪▪▫▪▪▪▫▪▪▫▪▪▪▫▪ ▪▫▪▪▫▪▪▪▫▪▪▫▪▪▪▫▪ ▪▫▪▪▫▪▪▪▫▪▪▫▪▪▪▫▪ ▪▫▪▪▫▪▪▪▫▪▪▫▪▪▪▫▪ ▪▫▪▪▫▪▪▪▫▪▪▫▪▪▪▫▪ ▪▫▪▪▫▪▪▪▫▪▪▫▪▪▪▫▪ ▪▫▪▪▫▪▪▪▫▪▪▫▪▪▪▫▪ ▪▫▪▪▫▪▪▪▫▪▪▫▪▪▪▫▪ ▪▫▪▪▫▪▪▪▫▪▪▫▪▪▪▫▪ ▪▫▪▪▫▪▪▪▫▪▪▫▪▪▪▫▪

কবি-সম্পাদক ফারুক
সিদ্দিকীর ১১তম
মৃত্যুবার্ষিকী আজ

▪▫▪▪▫▪▪▪▫▪▪▫▪▪▪▫▪ ▪▫▪▪▫▪▪▪▫▪▪▫▪▪▪▫▪ ▪▫▪▪▫▪▪▪▫▪▪▫▪▪▪▫▪ ▪▫▪▪▫▪▪▪▫▪▪▫▪▪▪▫▪ ▪▫▪▪▫▪▪▪▫▪▪▫▪▪▪▫▪ ▪▫▪▪▫▪▪▪▫▪▪▫▪▪▪▫▪ ▪▫▪▪▫▪▪▪▫▪▪▫▪▪▪▫▪ ▪▫▪▪▫▪▪▪▫▪▪▫▪▪▪▫▪ ▪▫▪▪▫▪▪▪▫▪▪▫▪▪▪▫▪ ▪▫▪▪▫▪▪▪▫▪▪▫▪▪▪▫▪ ▪▫▪▪▫▪▪▪▫▪▪▫▪▪▪▫▪ ▪▫▪▪▫▪▪▪▫▪▪▫▪▪▪▫▪ ▪▫▪▪▫▪▪▪▫▪▪▫▪▪▪▫▪ ▪▫▪▪▫▪▪▪▫▪▪▫▪▪▪▫▪ ▪▫▪▪▫▪▪▪▫▪▪▫▪▪▪▫▪ ▪▫▪▪▫▪▪▪▫▪▪▫▪▪▪▫▪ ▪▫▪▪▫▪▪▪▫▪▪▫▪▪▪▫▪ ▪▫▪▪▫▪▪▪▫▪▪▫▪▪▪▫▪ ▪▫▪▪▫▪▪▪▫▪▪▫▪▪▪▫▪ ▪▫▪▪▫▪▪▪▫▪▪▫▪▪▪▫▪

বাদুড়তলা আদর্শ স্কুলে বার্ষিক ক্রীড়া প্রতিযোগিতা অনুষ্ঠিত
▪▫▪▪▫▪▪▪▫▪▪▫▪▪▪▫▪ ▪▫▪▪▫▪▪▪▫▪▪▫▪▪▪▫▪ ▪▫▪▪▫▪▪▪▫▪▪▫▪▪▪▫▪ ▪▫▪▪▫▪▪▪▫▪▪▫▪▪▪▫▪ ▪▫▪▪▫▪▪▪▫▪▪▫▪▪▪▫▪ ▪▫▪▪▫▪▪▪▫▪▪▫▪▪▪▫▪ ▪▫▪▪▫▪▪▪▫▪▪▫▪▪▪▫▪ ▪▫▪▪▫▪▪▪▫▪▪▫▪▪▪▫▪ ▪▫▪▪▫▪▪▪▫▪▪▫▪▪▪▫▪ ▪▫▪▪▫▪▪▪▫▪▪▫▪▪▪▫▪ ▪▫▪▪▫▪▪▪▫▪▪▫▪▪▪▫▪ ▪▫▪▪▫▪▪▪▫▪▪▫▪▪▪▫▪ ▪▫▪▪▫▪▪▪▫▪▪▫▪▪▪▫▪ ▪▫▪▪▫▪▪▪▫▪▪▫▪▪▪▫▪ ▪▫▪▪▫▪▪▪▫▪▪▫▪▪▪▫▪ ▪▫▪▪▫▪▪▪▫▪▪▫▪▪▪▫▪ ▪▫▪▪▫▪▪▪▫▪▪▫▪▪▪▫▪ ▪▫▪▪▫▪▪▪▫▪▪▫▪▪▪▫▪ ▪▫▪▪▫▪▪▪▫▪▪▫▪▪▪▫▪ ▪▫▪▪▫▪▪▪▫▪▪▫▪▪▪▫▪ ▪▫▪▪▫▪▪▪▫▪▪▫▪▪▪▫▪ ▪▫▪▪▫▪▪▪▫▪▪▫▪▪▪▫▪
বিশ্ব অটিজম সচেতনতা দিবস উপলক্ষে বগুড়ায় প্রতিবন্ধীদের মধ্যে হুইল চেয়ার বিতরণ করেন জেলা প্রশাসক।
বগুড়ায় সমাজসেবা অধিদপ্তরের উদ্যোগে আয়োজিত মতবিনিময় সভায় উপস্থিত অতিথিবৃন্দ।
বাজুস বগুড়া জেলা শাখার শোক
▪▫▪▪▫▪▪▪▫▪▪▫▪▪▪▫▪ ▪▫▪▪▫▪▪▪▫▪▪▫▪▪▪▫▪ ▪▫▪▪▫▪▪▪▫▪▪▫▪▪▪▫▪ ▪▫▪▪▫▪▪▪▫▪▪▫▪▪▪▫▪ ▪▫▪▪▫▪▪▪▫▪▪▫▪▪▪▫▪ ▪▫▪▪▫▪▪▪▫▪▪▫▪▪▪▫▪ ▪▫▪▪▫▪▪▪▫▪▪▫▪▪▪▫▪ ▪▫▪▪▫▪▪▪▫▪▪▫▪▪▪▫▪ ▪▫▪▪▫▪▪▪▫▪▪▫▪▪▪▫▪ ▪▫▪▪▫▪▪▪▫▪▪▫▪▪▪▫▪ ▪▫▪▪▫▪▪▪▫▪▪▫▪▪▪▫▪ ▪▫▪▪▫▪▪▪▫▪▪▫▪▪▪▫▪ ▪▫▪▪▫▪▪▪▫▪▪▫▪▪▪▫▪ ▪▫▪▪▫▪▪▪▫▪▪▫▪▪▪▫▪ ▪▫▪▪▫▪▪▪▫▪▪▫▪▪▪▫▪ ▪▫▪▪▫▪▪▪▫▪▪▫▪▪▪▫▪ ▪▫▪▪▫▪▪▪▫▪▪▫▪▪▪▫▪ ▪▫▪▪▫▪▪▪▫▪▪▫▪▪▪▫▪ ▪▫▪▪▫▪▪▪▫▪▪▫▪▪▪▫▪ ▪▫▪▪▫▪▪▪▫▪▪▫▪▪▪▫▪ ▪▫▪▪▫▪▪▪▫▪▪▫▪▪▪▫▪ ▪▫▪▪▫▪▪▪▫▪▪▫▪▪▪▫▪ ▪▫▪▪▫▪▪▪▫▪▪▫▪▪▪▫▪ ▪▫▪▪▫▪▪▪▫▪▪▫▪▪▪▫▪ ▪▫▪▪▫▪▪▪▫▪▪▫▪▪▪▫▪ ▪▫▪▪▫▪▪▪▫▪▪▫▪▪▪▫▪ ▪▫▪▪▫▪▪▪▫▪▪▫▪▪▪▫▪ ▪▫▪▪▫▪▪▪▫▪▪▫▪▪▪▫▪ ▪▫▪▪▫▪▪▪▫▪▪▫▪▪▪▫▪ ▪▫▪▪▫▪▪▪▫▪▪▫▪▪▪▫▪
ফারুক সিদ্দিকী ও সমাবেশ
বগুড়ায় শিক্ষার্থীদের মানববন্ধন ও র‍্যালিতে অংশ নেন বিভিন্ন শ্রেণিপেশার মানুষ।
গাবতলীতে আয়োজিত অনুষ্ঠানে পুরস্কার বিতরণ করছেন অতিথিরা।
ফেতুয়ান লালন দেবতাদের জানাই কর্মশালা
▪▫▪▪▫▪▪▪▫▪▪▫▪▪▪▫▪ ▪▫▪▪▫▪▪▪▫▪▪▫▪▪▪▫▪ ▪▫▪▪▫▪▪▪▫▪▪▫▪▪▪▫▪ ▪▫▪▪▫▪▪▪▫▪▪▫▪▪▪▫▪ ▪▫▪▪▫▪▪▪▫▪▪▫▪▪▪▫▪ ▪▫▪▪▫▪▪▪▫▪▪▫▪▪▪▫▪ ▪▫▪▪▫▪▪▪▫▪▪▫▪▪▪▫▪ ▪▫▪▪▫▪▪▪▫▪▪▫▪▪▪▫▪ ▪▫▪▪▫▪▪▪▫▪▪▫▪▪▪▫▪ ▪▫▪▪▫▪▪▪▫▪▪▫▪▪▪▫▪ ▪▫▪▪▫▪▪▪▫▪▪▫▪▪▪▫▪ ▪▫▪▪▫▪▪▪▫▪▪▫▪▪▪▫▪ ▪▫▪▪▫▪▪▪▫▪▪▫▪▪▪▫▪ ▪▫▪▪▫▪▪▪▫▪▪▫▪▪▪▫▪ ▪▫▪▪▫▪▪▪▫▪▪▫▪▪▪▫▪ ▪▫▪▪▫▪▪▪▫▪▪▫▪▪▪▫▪ ▪▫▪▪▫▪▪▪▫▪▪▫▪▪▪▫▪ ▪▫▪▪▫▪▪▪▫▪▪▫▪▪▪▫▪
বগুড়ায় বৃক্ষরোপণ কর্মসূচিতে অংশ নেন নেতৃবৃন্দ।
